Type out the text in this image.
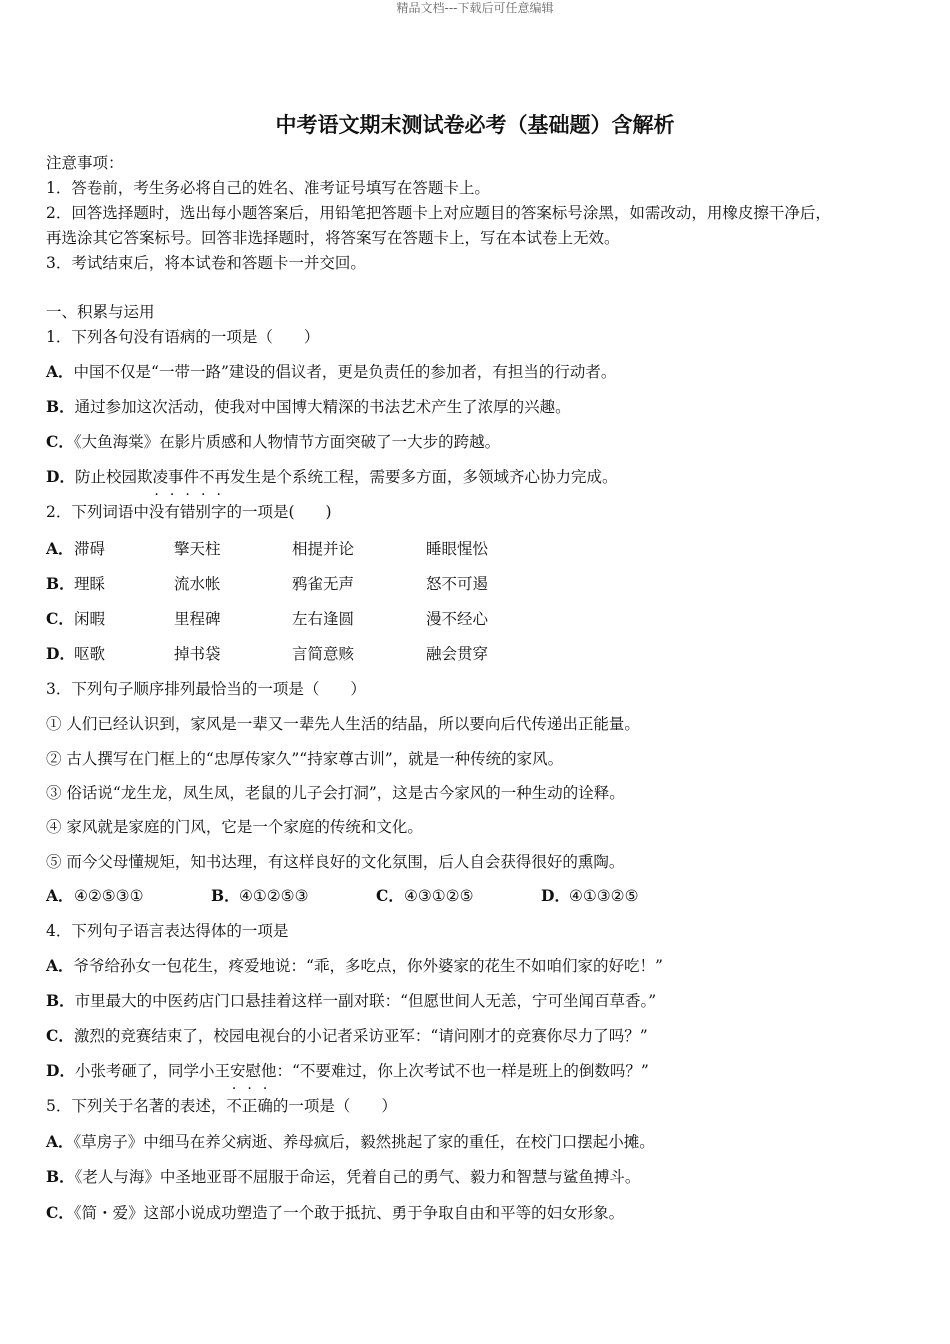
精品文档---下载后可任意编辑
中考语文期末测试卷必考（基础题）含解析
注意事项：
1．答卷前，考生务必将自己的姓名、准考证号填写在答题卡上。
2．回答选择题时，选出每小题答案后，用铅笔把答题卡上对应题目的答案标号涂黑，如需改动，用橡皮擦干净后，
再选涂其它答案标号。回答非选择题时，将答案写在答题卡上，写在本试卷上无效。
3．考试结束后，将本试卷和答题卡一并交回。
一、积累与运用
1．下列各句没有语病的一项是（　　）
A．中国不仅是“一带一路”建设的倡议者，更是负责任的参加者，有担当的行动者。
B．通过参加这次活动，使我对中国博大精深的书法艺术产生了浓厚的兴趣。
C．《大鱼海棠》在影片质感和人物情节方面突破了一大步的跨越。
D．防止校园欺凌事件不再发生是个系统工程，需要多方面，多领域齐心协力完成。
2．下列词语中没有错别字的一项是(　　)
A． 滞碍	擎天柱	相提并论	睡眼惺忪
B． 理睬	流水帐	鸦雀无声	怒不可遏
C． 闲暇	里程碑	左右逢圆	漫不经心
D． 呕歌	掉书袋	言简意赅	融会贯穿
3．下列句子顺序排列最恰当的一项是（　　）
① 人们已经认识到，家风是一辈又一辈先人生活的结晶，所以要向后代传递出正能量。
② 古人撰写在门框上的“忠厚传家久”“持家尊古训”，就是一种传统的家风。
③ 俗话说“龙生龙，凤生凤，老鼠的儿子会打洞”，这是古今家风的一种生动的诠释。
④ 家风就是家庭的门风，它是一个家庭的传统和文化。
⑤ 而今父母懂规矩，知书达理，有这样良好的文化氛围，后人自会获得很好的熏陶。
A． ④②⑤③①	B． ④①②⑤③	C． ④③①②⑤	D． ④①③②⑤
4．下列句子语言表达得体的一项是
A．爷爷给孙女一包花生，疼爱地说：“乖，多吃点，你外婆家的花生不如咱们家的好吃！”
B．市里最大的中医药店门口悬挂着这样一副对联：“但愿世间人无恙，宁可坐闻百草香。”
C．激烈的竞赛结束了，校园电视台的小记者采访亚军：“请问刚才的竞赛你尽力了吗？”
D．小张考砸了，同学小王安慰他：“不要难过，你上次考试不也一样是班上的倒数吗？”
5．下列关于名著的表述，不正确的一项是（　　）
A．《草房子》中细马在养父病逝、养母疯后，毅然挑起了家的重任，在校门口摆起小摊。
B．《老人与海》中圣地亚哥不屈服于命运，凭着自己的勇气、毅力和智慧与鲨鱼搏斗。
C．《简・爱》这部小说成功塑造了一个敢于抵抗、勇于争取自由和平等的妇女形象。
